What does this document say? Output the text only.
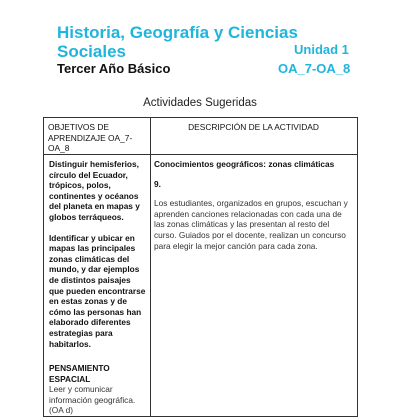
Historia, Geografía y Ciencias Sociales	Unidad 1
Tercer Año Básico	OA_7-OA_8
Actividades Sugeridas
OBJETIVOS DE APRENDIZAJE OA_7-OA_8
DESCRIPCIÓN DE LA ACTIVIDAD

Distinguir hemisferios, círculo del Ecuador, trópicos, polos, continentes y océanos del planeta en mapas y globos terráqueos.

Identificar y ubicar en mapas las principales zonas climáticas del mundo, y dar ejemplos de distintos paisajes que pueden encontrarse en estas zonas y de cómo las personas han elaborado diferentes estrategias para habitarlos.

PENSAMIENTO ESPACIAL
Leer y comunicar información geográfica. (OA d)
Conocimientos geográficos: zonas climáticas
9.
Los estudiantes, organizados en grupos, escuchan y aprenden canciones relacionadas con cada una de las zonas climáticas y las presentan al resto del curso. Guiados por el docente, realizan un concurso para elegir la mejor canción para cada zona.
